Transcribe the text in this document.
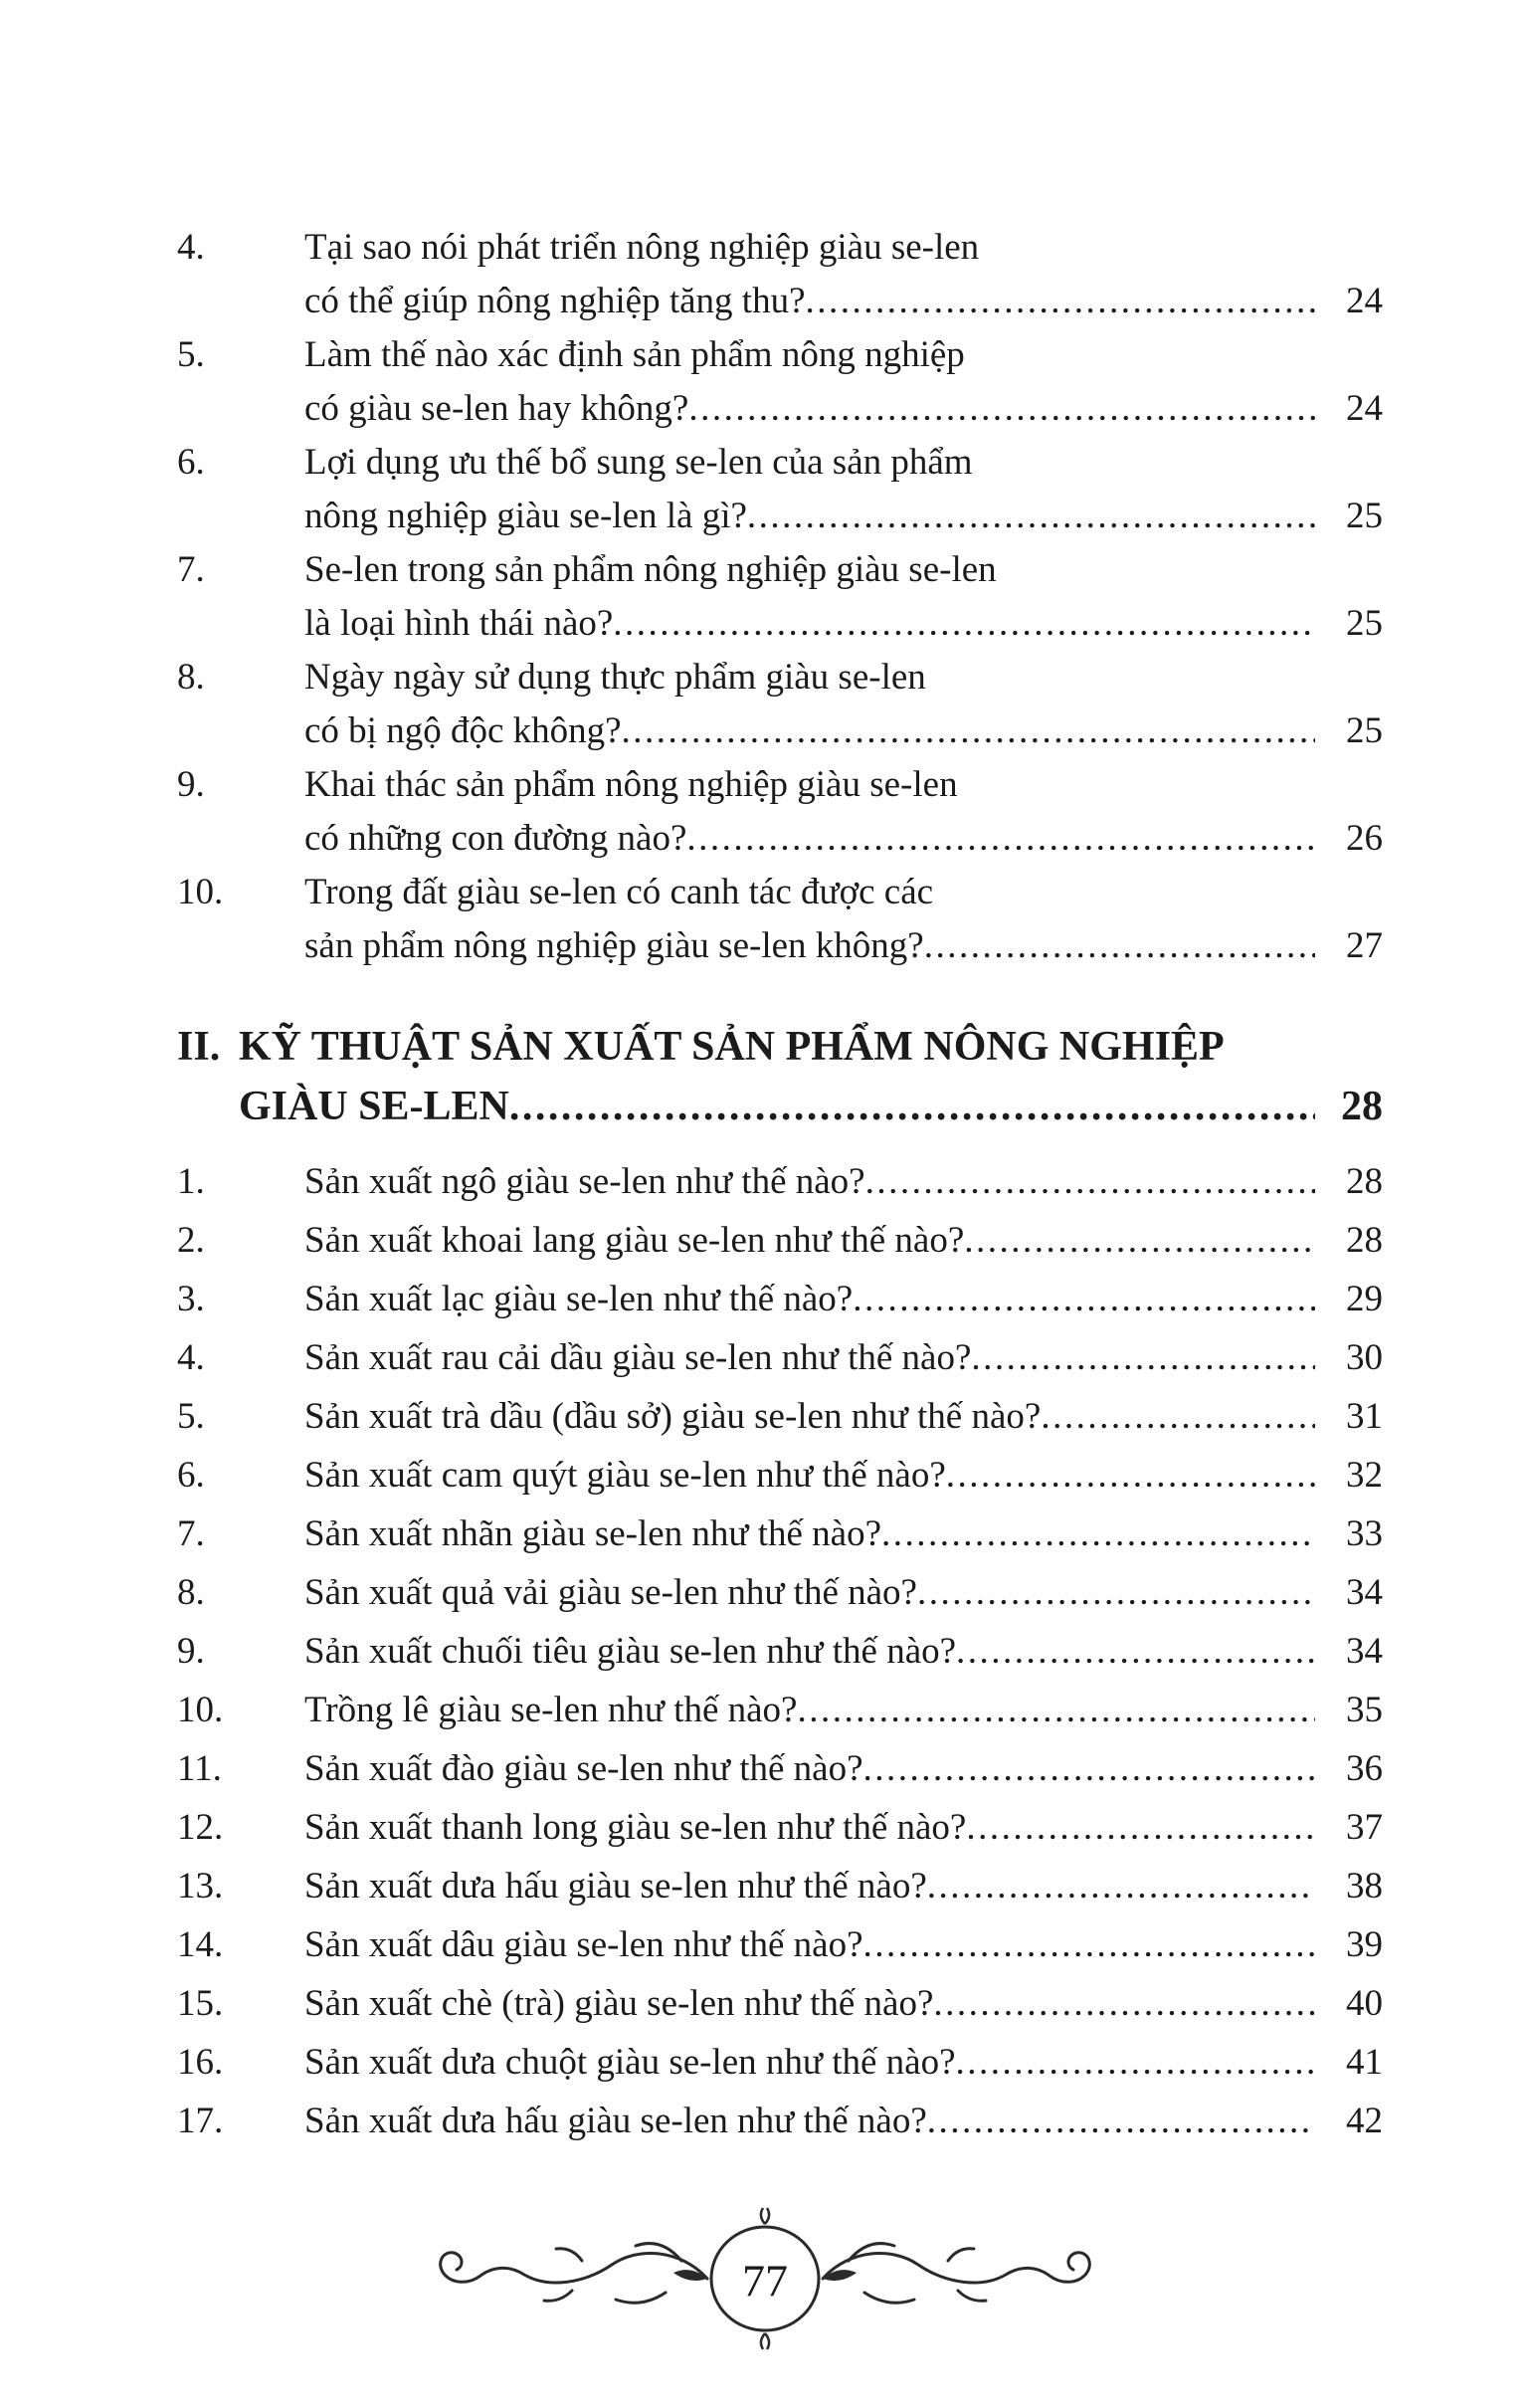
4.	Tại sao nói phát triển nông nghiệp giàu se-len
có thể giúp nông nghiệp tăng thu? .....	24
5.	Làm thế nào xác định sản phẩm nông nghiệp
có giàu se-len hay không? .....	24
6.	Lợi dụng ưu thế bổ sung se-len của sản phẩm
nông nghiệp giàu se-len là gì? .....	25
7.	Se-len trong sản phẩm nông nghiệp giàu se-len
là loại hình thái nào? .....	25
8.	Ngày ngày sử dụng thực phẩm giàu se-len
có bị ngộ độc không? .....	25
9.	Khai thác sản phẩm nông nghiệp giàu se-len
có những con đường nào? .....	26
10.	Trong đất giàu se-len có canh tác được các
sản phẩm nông nghiệp giàu se-len không? .....	27
II. KỸ THUẬT SẢN XUẤT SẢN PHẨM NÔNG NGHIỆP
GIÀU SE-LEN .....	28
1.	Sản xuất ngô giàu se-len như thế nào? .....	28
2.	Sản xuất khoai lang giàu se-len như thế nào? .....	28
3.	Sản xuất lạc giàu se-len như thế nào? .....	29
4.	Sản xuất rau cải dầu giàu se-len như thế nào? .....	30
5.	Sản xuất trà dầu (dầu sở) giàu se-len như thế nào? .....	31
6.	Sản xuất cam quýt giàu se-len như thế nào? .....	32
7.	Sản xuất nhãn giàu se-len như thế nào? .....	33
8.	Sản xuất quả vải giàu se-len như thế nào? .....	34
9.	Sản xuất chuối tiêu giàu se-len như thế nào? .....	34
10.	Trồng lê giàu se-len như thế nào? .....	35
11.	Sản xuất đào giàu se-len như thế nào? .....	36
12.	Sản xuất thanh long giàu se-len như thế nào? .....	37
13.	Sản xuất dưa hấu giàu se-len như thế nào? .....	38
14.	Sản xuất dâu giàu se-len như thế nào? .....	39
15.	Sản xuất chè (trà) giàu se-len như thế nào? .....	40
16.	Sản xuất dưa chuột giàu se-len như thế nào? .....	41
17.	Sản xuất dưa hấu giàu se-len như thế nào? .....	42
77
